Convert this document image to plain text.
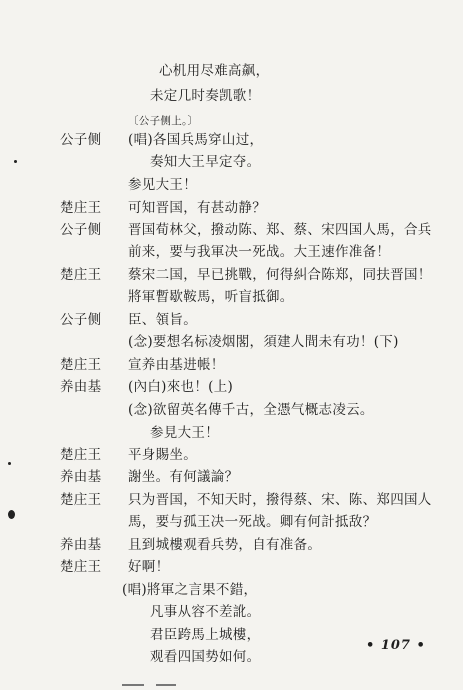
心机用尽难高飙，
未定几时奏凯歌！
〔公子侧上。〕
公子侧 (唱)各国兵馬穿山过，
奏知大王早定夺。
参见大王！
楚庄王 可知晋国，有甚动静？
公子侧 晋国荀林父，撥动陈、郑、蔡、宋四国人馬，合兵
前来，要与我軍决一死战。大王速作准备！
楚庄王 蔡宋二国，早已挑戰，何得糾合陈郑，同扶晋国！
將軍暫歇鞍馬，听盲抵御。
公子侧 臣、領旨。
(念)要想名标凌烟閣，須建人間未有功！(下)
楚庄王 宣养由基进帳！
养由基 (內白)來也！(上)
(念)欲留英名傳千古，全憑气概志凌云。
参見大王！
楚庄王 平身賜坐。
养由基 謝坐。有何議論？
楚庄王 只为晋国，不知天时，撥得蔡、宋、陈、郑四国人
馬，要与孤王决一死战。卿有何計抵敌？
养由基 且到城樓观看兵势，自有准备。
楚庄王 好啊！
(唱)將軍之言果不錯，
凡事从容不差訛。
君臣跨馬上城樓，
观看四国势如何。
• 107 •
